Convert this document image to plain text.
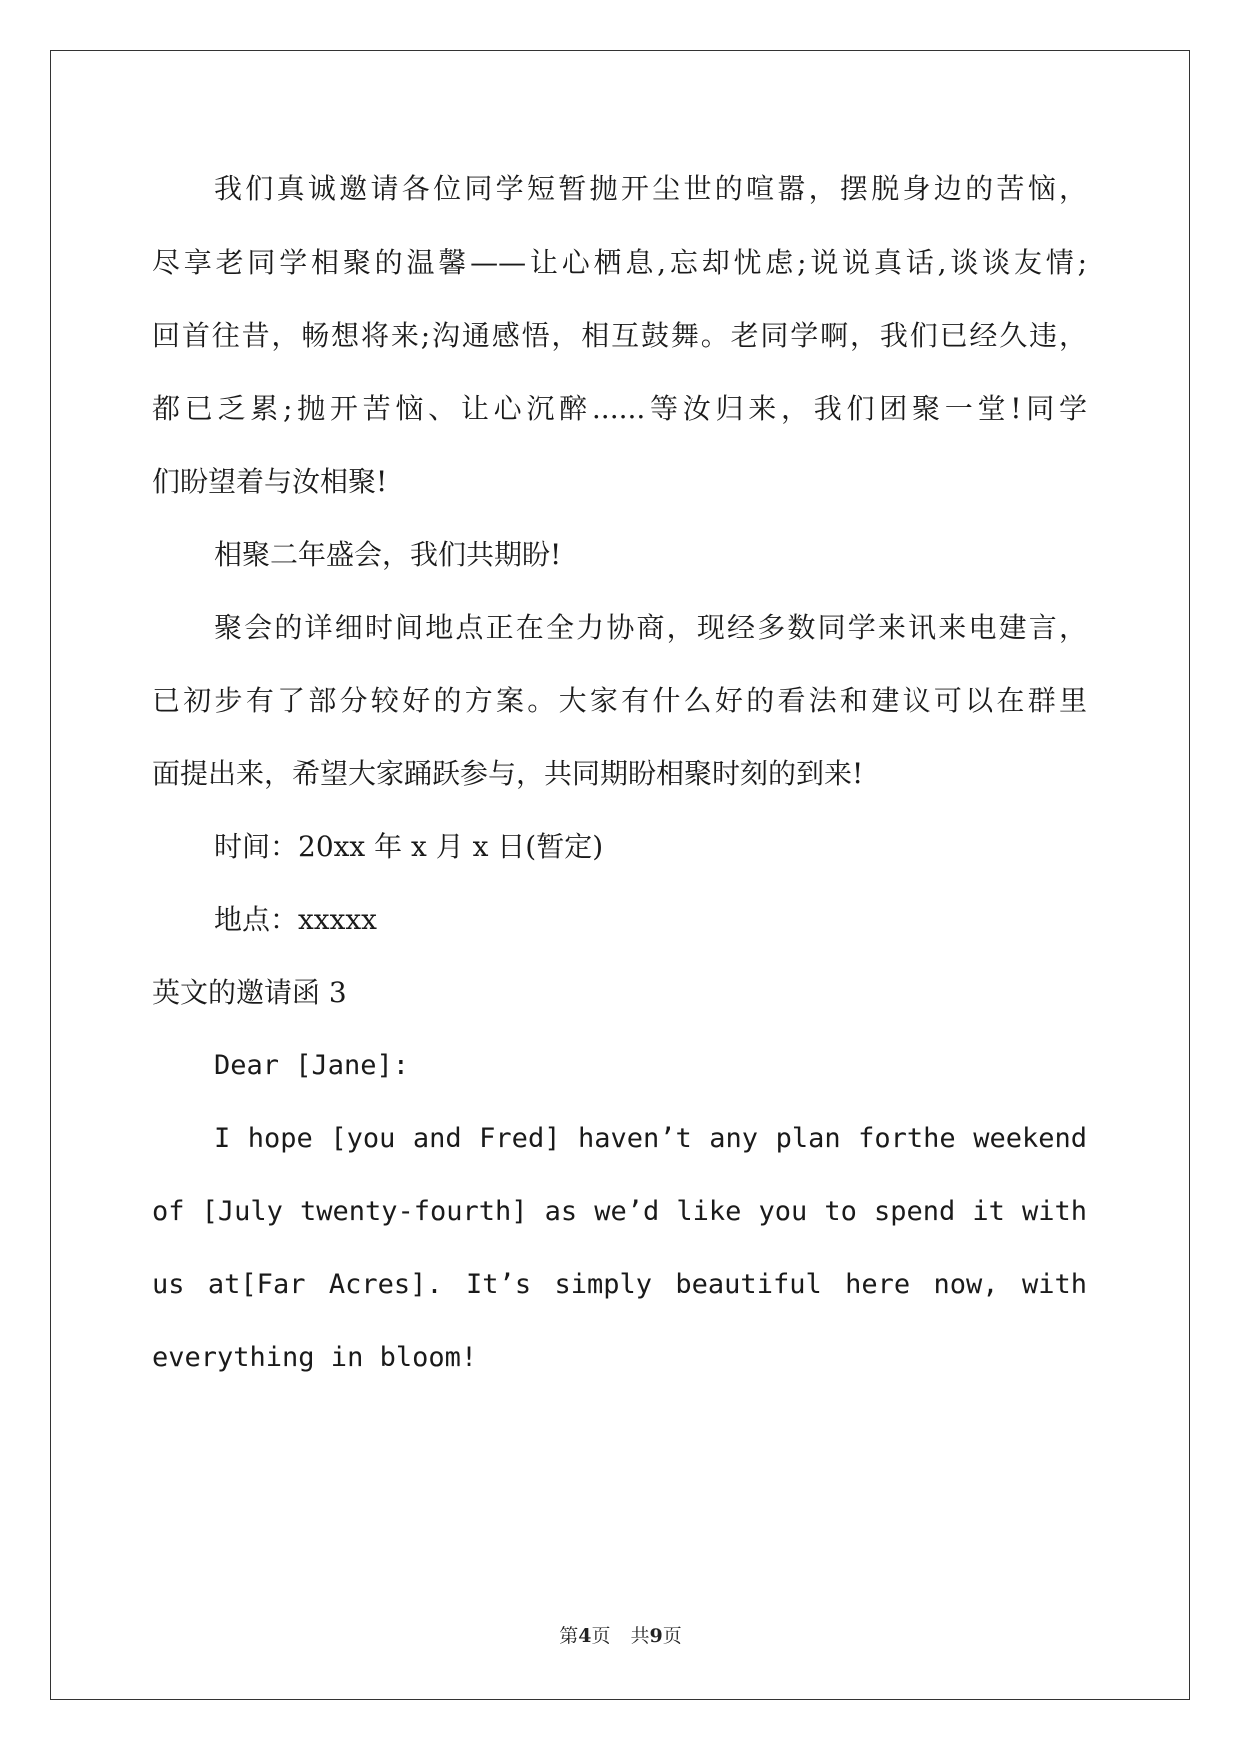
我们真诚邀请各位同学短暂抛开尘世的喧嚣，摆脱身边的苦恼，
尽享老同学相聚的温馨——让心栖息,忘却忧虑;说说真话,谈谈友情;
回首往昔，畅想将来;沟通感悟，相互鼓舞。老同学啊，我们已经久违，
都已乏累;抛开苦恼、让心沉醉......等汝归来，我们团聚一堂!同学
们盼望着与汝相聚!
相聚二年盛会，我们共期盼!
聚会的详细时间地点正在全力协商，现经多数同学来讯来电建言，
已初步有了部分较好的方案。大家有什么好的看法和建议可以在群里
面提出来，希望大家踊跃参与，共同期盼相聚时刻的到来!
时间：20xx 年 x 月 x 日(暂定)
地点：xxxxx
英文的邀请函 3
Dear [Jane]:
I hope [you and Fred] haven’t any plan forthe weekend
of [July twenty-fourth] as we’d like you to spend it with
us at[Far Acres]. It’s simply beautiful here now, with
everything in bloom!
第4页 共9页
